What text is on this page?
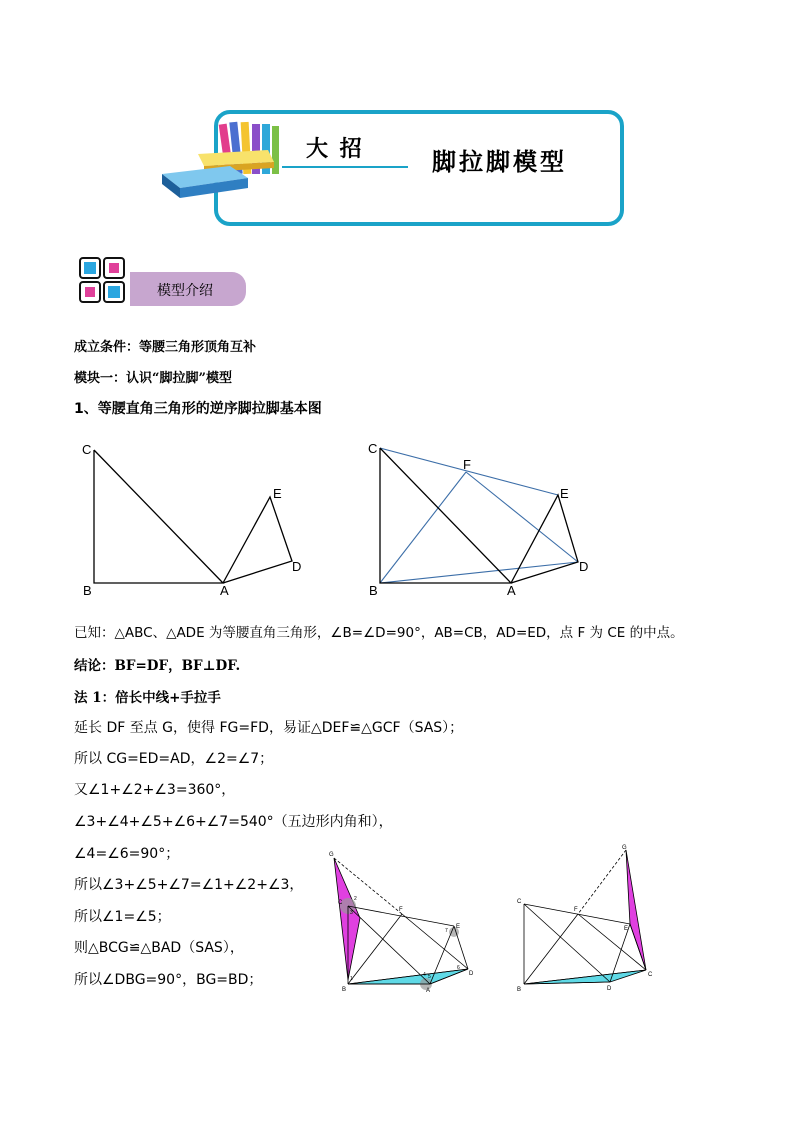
大 招	脚拉脚模型
模型介绍
成立条件：等腰三角形顶角互补
模块一：认识“脚拉脚”模型
1、等腰直角三角形的逆序脚拉脚基本图
C
B	A
D
E
C
F
E
D
B	A
已知：△ABC、△ADE 为等腰直角三角形，∠B=∠D=90°，AB=CB，AD=ED，点 F 为 CE 的中点。
结论：BF=DF，BF⊥DF.
法 1：倍长中线+手拉手
延长 DF 至点 G，使得 FG=FD，易证△DEF≌△GCF（SAS）；
所以 CG=ED=AD，∠2=∠7；
又∠1+∠2+∠3=360°，
∠3+∠4+∠5+∠6+∠7=540°（五边形内角和），
∠4=∠6=90°；
所以∠3+∠5+∠7=∠1+∠2+∠3，
所以∠1=∠5；
则△BCG≌△BAD（SAS），
所以∠DBG=90°，BG=BD；
G
C
F
E
B	A
D
1
2
3
4 5
6
7
G
C
F
E
B	D
C
